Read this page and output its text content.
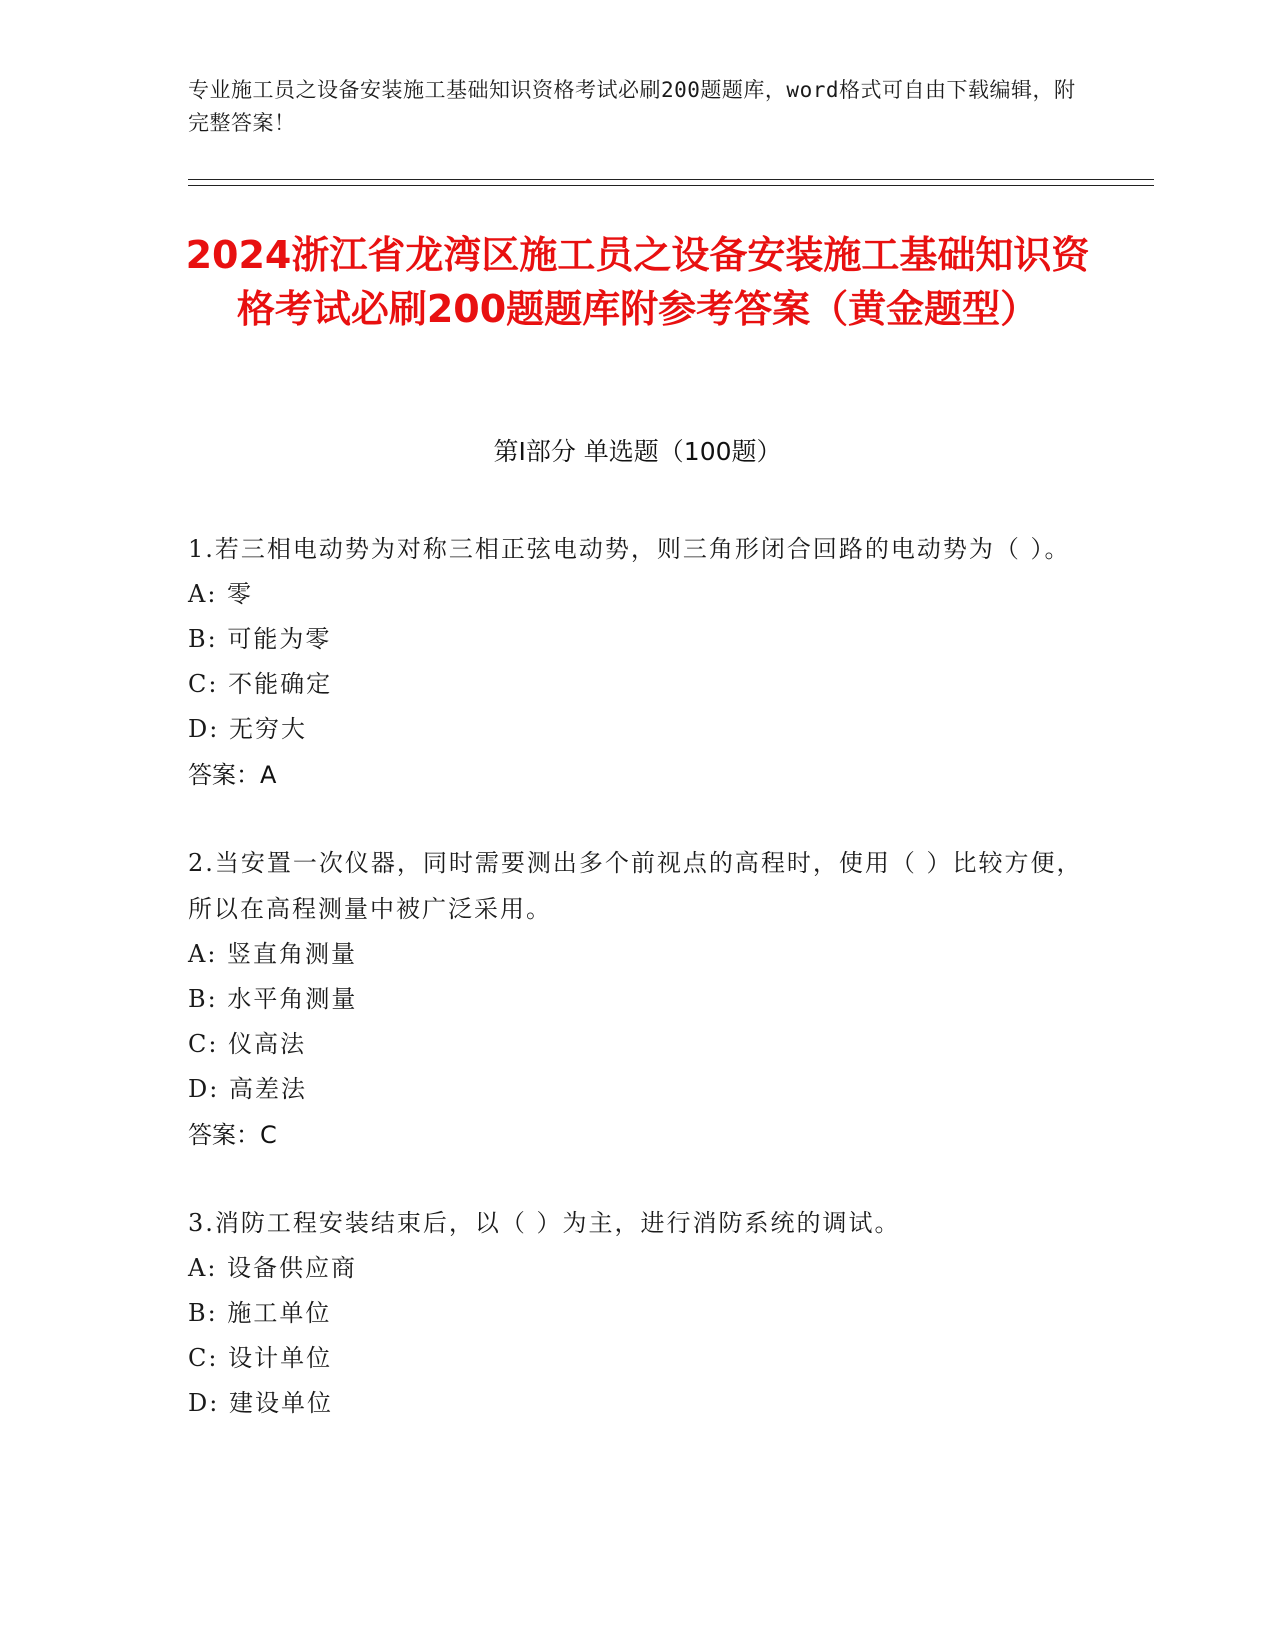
专业施工员之设备安装施工基础知识资格考试必刷200题题库，word格式可自由下载编辑，附完整答案！
2024浙江省龙湾区施工员之设备安装施工基础知识资格考试必刷200题题库附参考答案（黄金题型）
第I部分 单选题（100题）
1.若三相电动势为对称三相正弦电动势，则三角形闭合回路的电动势为（ ）。
A: 零
B: 可能为零
C: 不能确定
D: 无穷大
答案：A
2.当安置一次仪器，同时需要测出多个前视点的高程时，使用（ ）比较方便，所以在高程测量中被广泛采用。
A: 竖直角测量
B: 水平角测量
C: 仪高法
D: 高差法
答案：C
3.消防工程安装结束后，以（ ）为主，进行消防系统的调试。
A: 设备供应商
B: 施工单位
C: 设计单位
D: 建设单位
